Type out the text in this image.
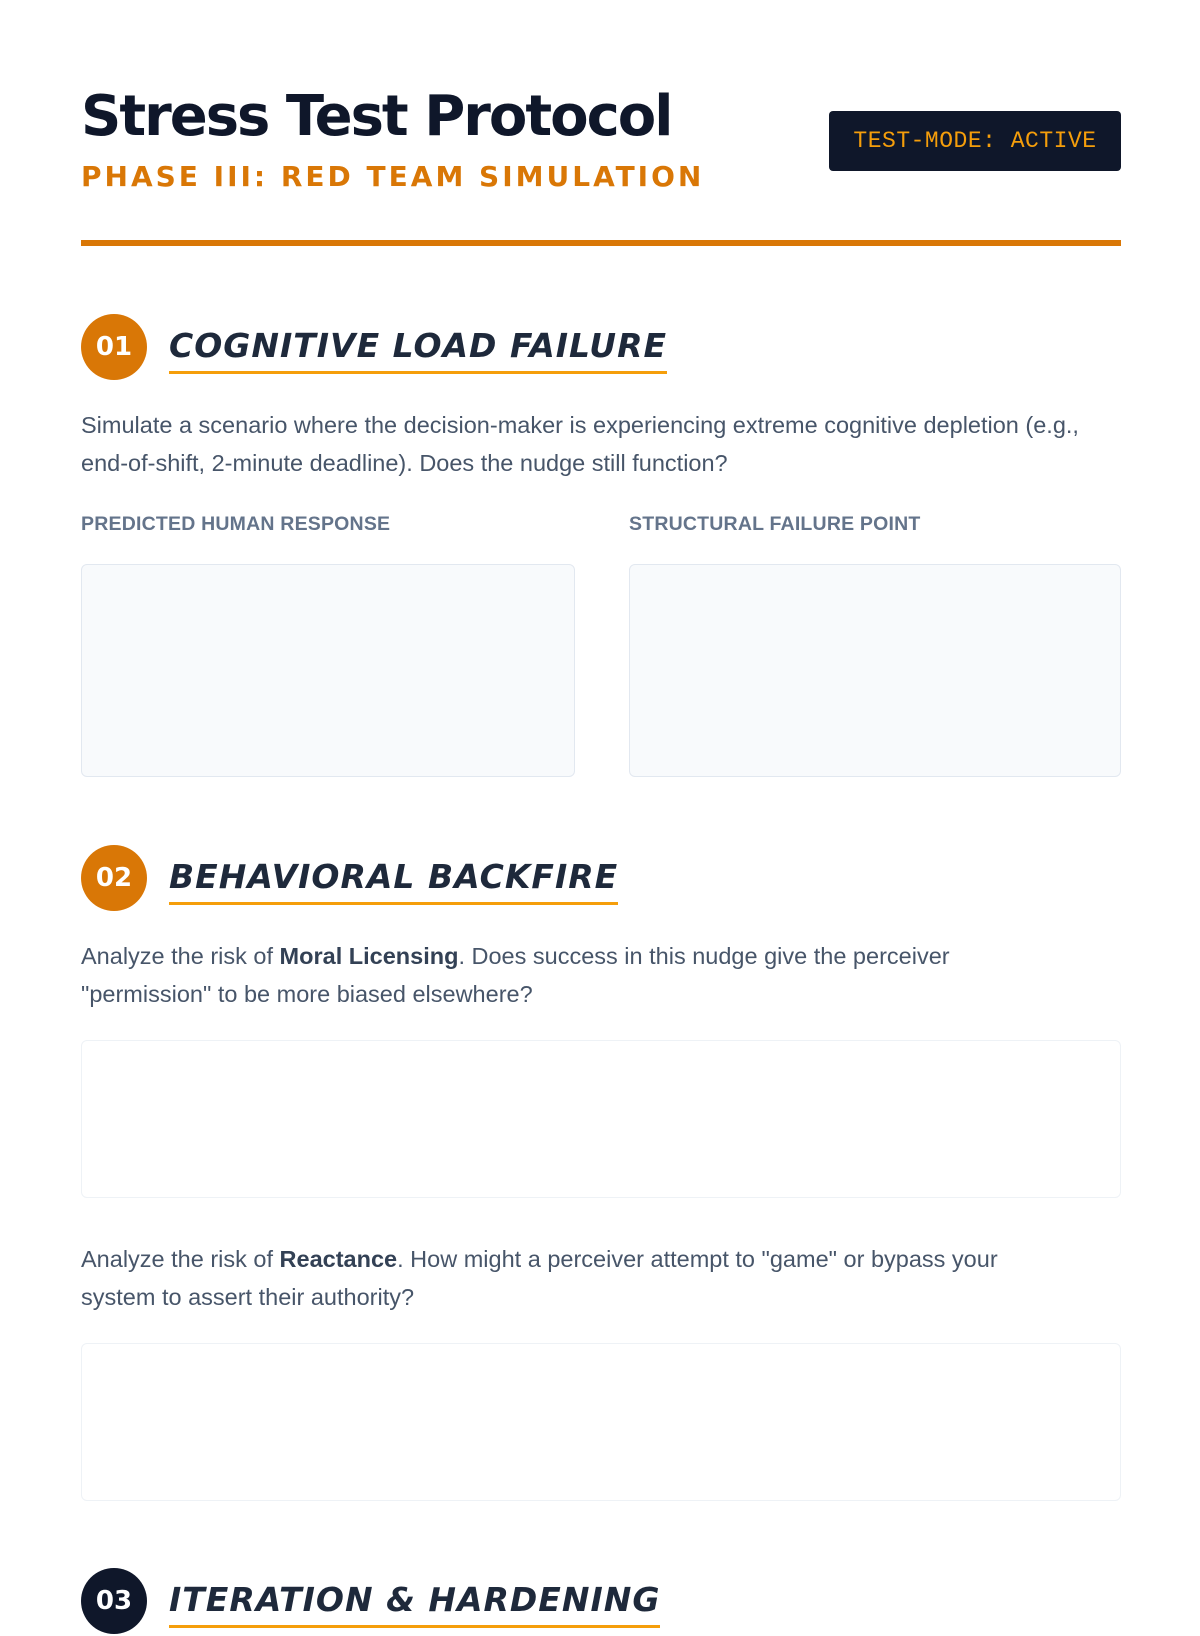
Stress Test Protocol
PHASE III: RED TEAM SIMULATION
TEST-MODE: ACTIVE
01	COGNITIVE LOAD FAILURE
Simulate a scenario where the decision-maker is experiencing extreme cognitive depletion (e.g., end-of-shift, 2-minute deadline). Does the nudge still function?
PREDICTED HUMAN RESPONSE	STRUCTURAL FAILURE POINT
02	BEHAVIORAL BACKFIRE
Analyze the risk of Moral Licensing. Does success in this nudge give the perceiver "permission" to be more biased elsewhere?
Analyze the risk of Reactance. How might a perceiver attempt to "game" or bypass your system to assert their authority?
03	ITERATION & HARDENING
